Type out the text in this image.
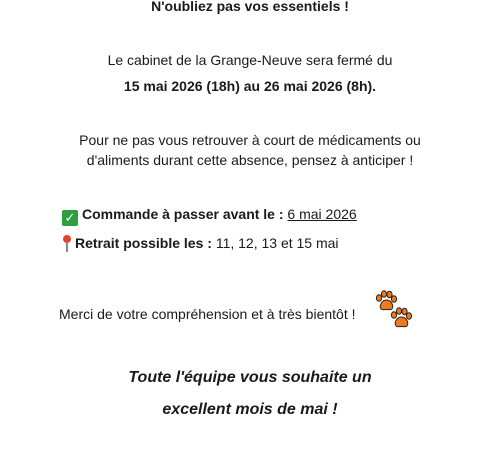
N'oubliez pas vos essentiels !
Le cabinet de la Grange-Neuve sera fermé du
15 mai 2026 (18h) au 26 mai 2026 (8h).
Pour ne pas vous retrouver à court de médicaments ou
d'aliments durant cette absence, pensez à anticiper !
✓ Commande à passer avant le : 6 mai 2026
Retrait possible les : 11, 12, 13 et 15 mai
Merci de votre compréhension et à très bientôt !
Toute l'équipe vous souhaite un
excellent mois de mai !
